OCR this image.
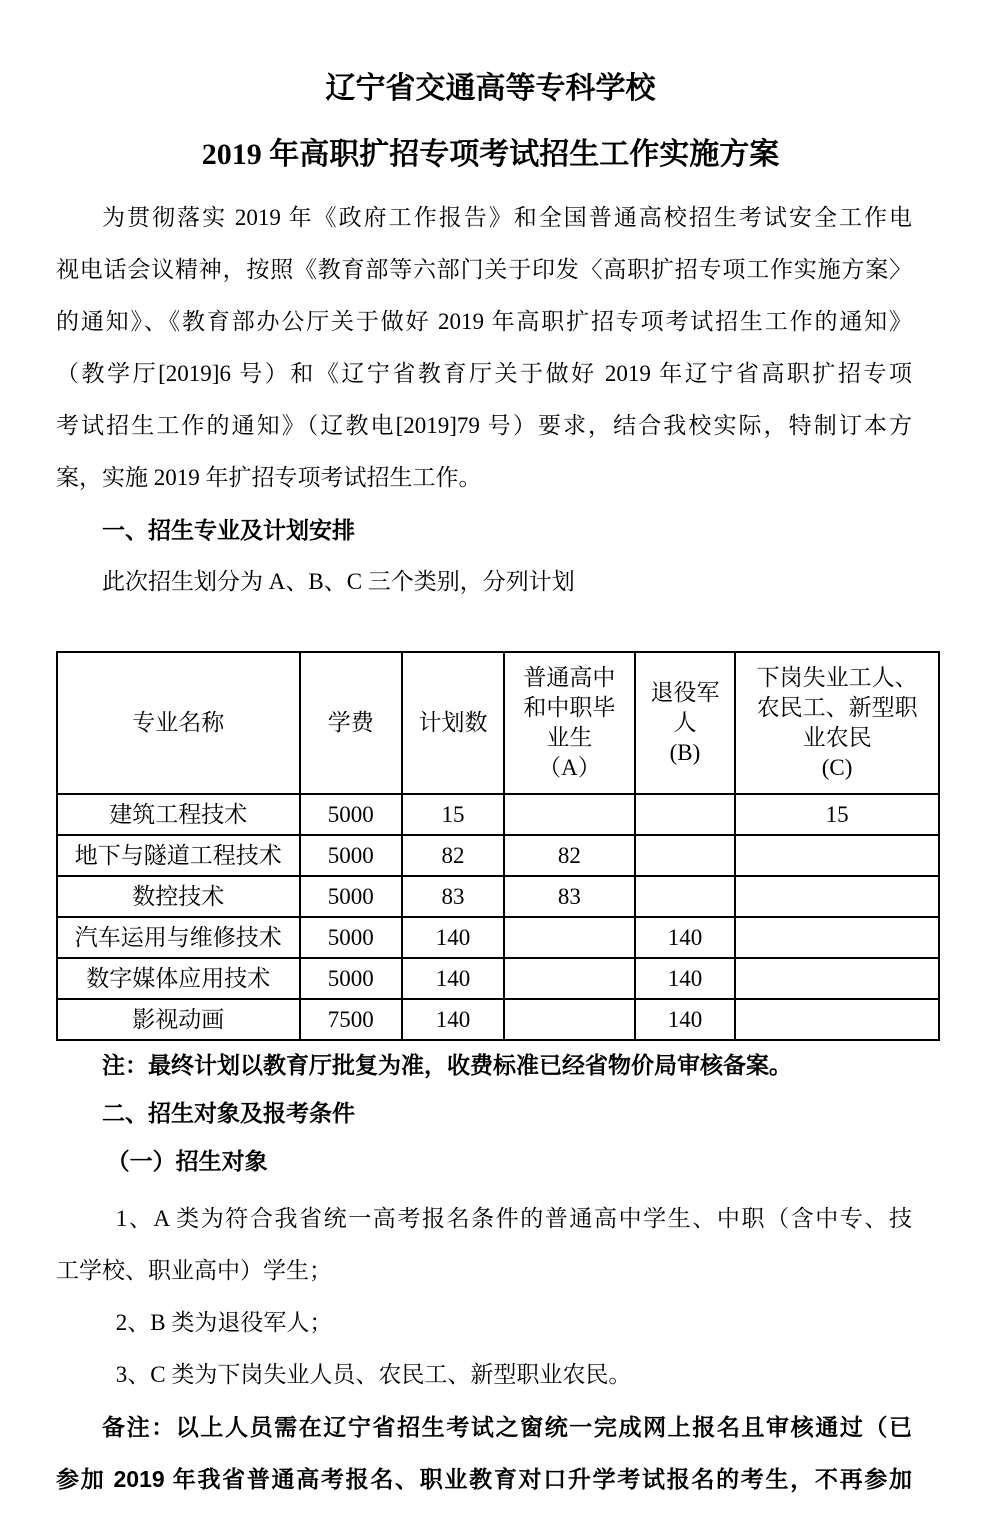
辽宁省交通高等专科学校
2019 年高职扩招专项考试招生工作实施方案
为贯彻落实 2019 年《政府工作报告》和全国普通高校招生考试安全工作电
视电话会议精神，按照《教育部等六部门关于印发〈高职扩招专项工作实施方案〉
的通知》、《教育部办公厅关于做好 2019 年高职扩招专项考试招生工作的通知》
（教学厅[2019]6 号）和《辽宁省教育厅关于做好 2019 年辽宁省高职扩招专项
考试招生工作的通知》（辽教电[2019]79 号）要求，结合我校实际，特制订本方
案，实施 2019 年扩招专项考试招生工作。
一、招生专业及计划安排
此次招生划分为 A、B、C 三个类别，分列计划
专业名称	学费	计划数	普通高中
和中职毕
业生
（A）	退役军
人
(B)	下岗失业工人、
农民工、新型职
业农民
(C)
建筑工程技术	5000	15			15
地下与隧道工程技术	5000	82	82		
数控技术	5000	83	83		
汽车运用与维修技术	5000	140		140	
数字媒体应用技术	5000	140		140	
影视动画	7500	140		140	
注：最终计划以教育厅批复为准，收费标准已经省物价局审核备案。
二、招生对象及报考条件
（一）招生对象
1、A 类为符合我省统一高考报名条件的普通高中学生、中职（含中专、技
工学校、职业高中）学生；
2、B 类为退役军人；
3、C 类为下岗失业人员、农民工、新型职业农民。
备注：以上人员需在辽宁省招生考试之窗统一完成网上报名且审核通过（已
参加 2019 年我省普通高考报名、职业教育对口升学考试报名的考生，不再参加
